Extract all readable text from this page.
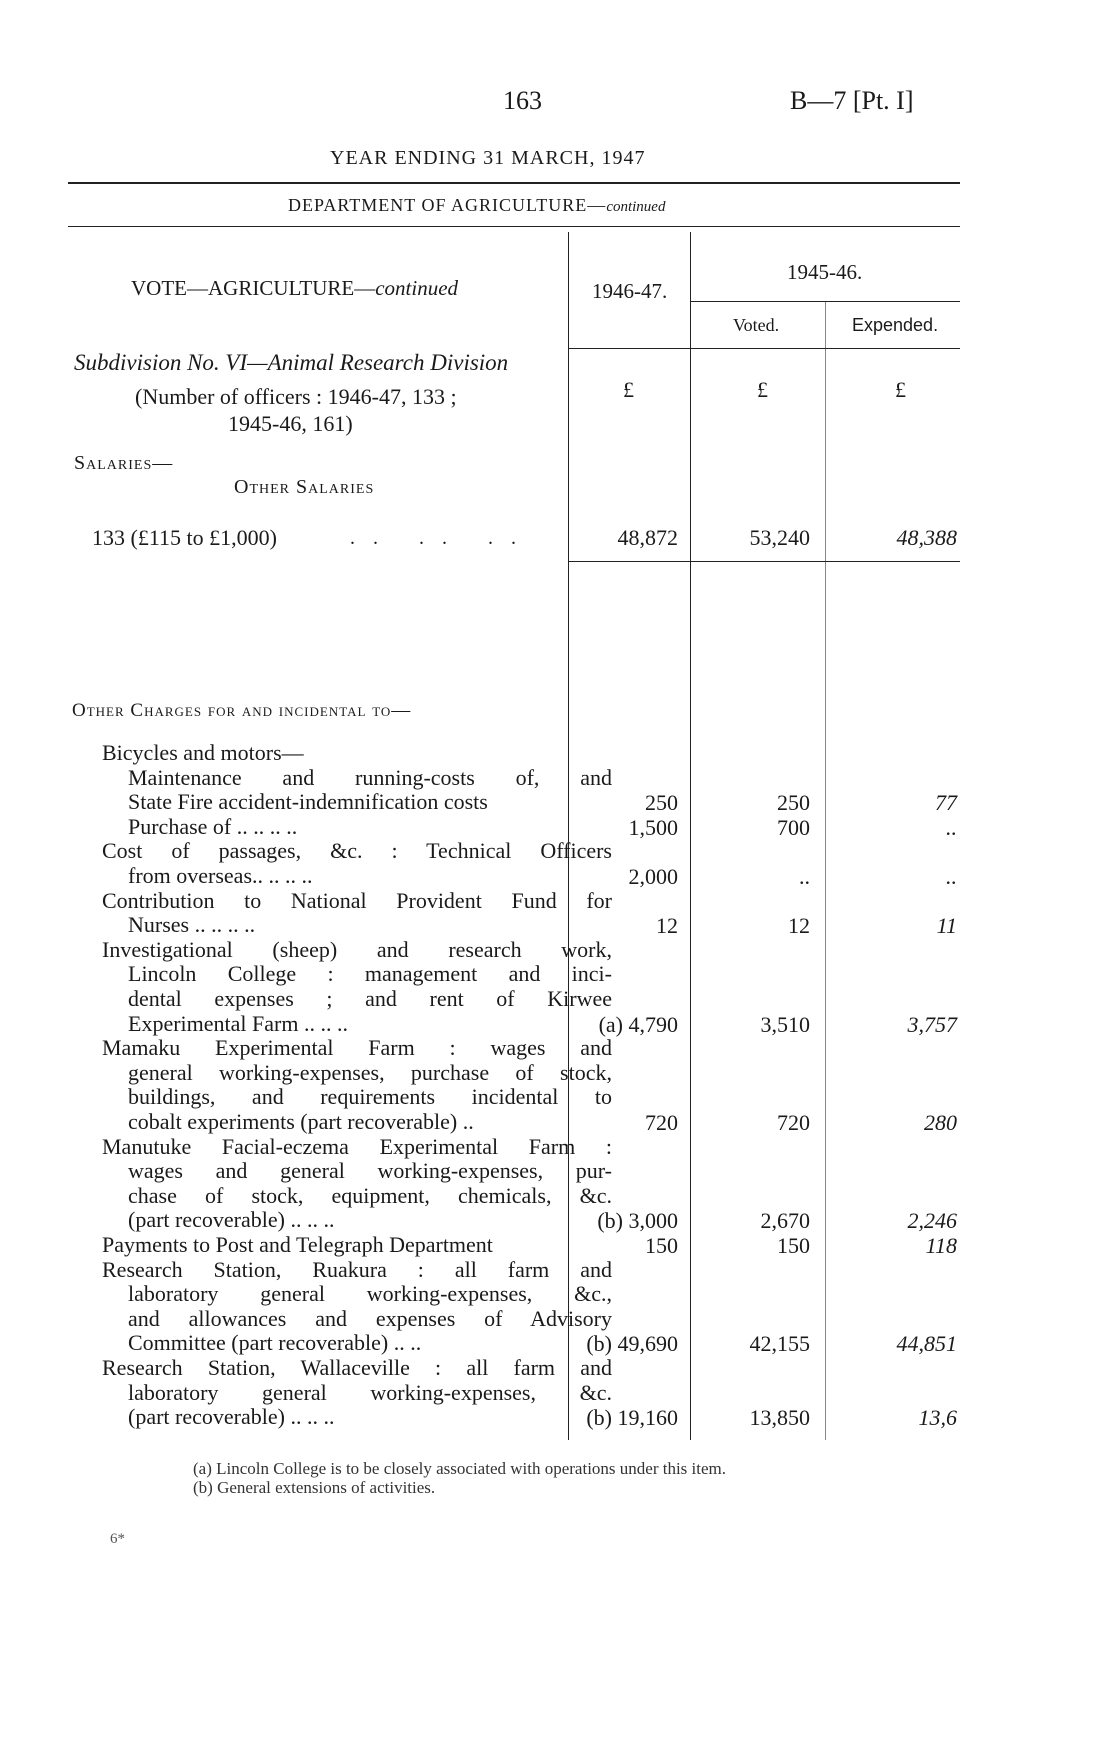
163	B—7 [Pt. I]
YEAR ENDING 31 MARCH, 1947
DEPARTMENT OF AGRICULTURE—continued
VOTE—AGRICULTURE—continued	1946-47.
1945-46.
Voted.	Expended.
Subdivision No. VI—Animal Research Division
(Number of officers : 1946-47, 133 ;
1945-46, 161)
£	£	£
Salaries—
Other Salaries
133 (£115 to £1,000)	.. .. ..	48,872	53,240	48,388
Other Charges for and incidental to—
Bicycles and motors—
Maintenance and running-costs of, and
State Fire accident-indemnification costs	250	250	77
Purchase of .. .. .. ..	1,500	700	..
Cost of passages, &c. : Technical Officers
from overseas.. .. .. ..	2,000	..	..
Contribution to National Provident Fund for
Nurses .. .. .. ..	12	12	11
Investigational (sheep) and research work,
Lincoln College : management and inci-
dental expenses ; and rent of Kirwee
Experimental Farm .. .. ..	(a) 4,790	3,510	3,757
Mamaku Experimental Farm : wages and
general working-expenses, purchase of stock,
buildings, and requirements incidental to
cobalt experiments (part recoverable) ..	720	720	280
Manutuke Facial-eczema Experimental Farm :
wages and general working-expenses, pur-
chase of stock, equipment, chemicals, &c.
(part recoverable) .. .. ..	(b) 3,000	2,670	2,246
Payments to Post and Telegraph Department	150	150	118
Research Station, Ruakura : all farm and
laboratory general working-expenses, &c.,
and allowances and expenses of Advisory
Committee (part recoverable) .. ..	(b) 49,690	42,155	44,851
Research Station, Wallaceville : all farm and
laboratory general working-expenses, &c.
(part recoverable) .. .. ..	(b) 19,160	13,850	13,6
(a) Lincoln College is to be closely associated with operations under this item.
(b) General extensions of activities.
6*
